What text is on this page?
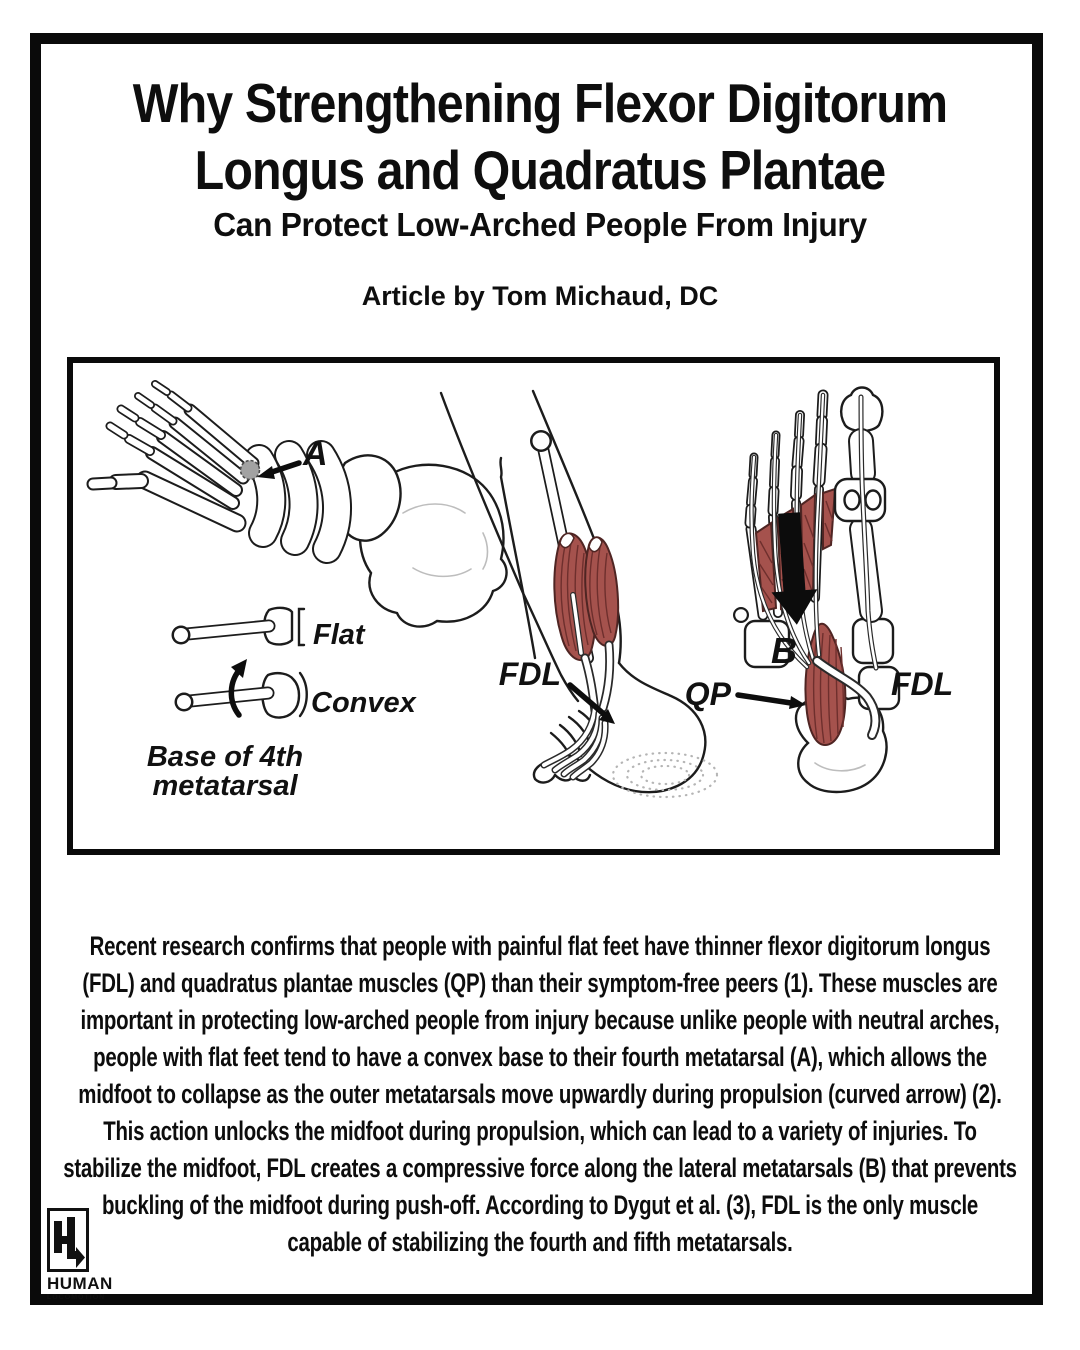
Why Strengthening Flexor Digitorum
Longus and Quadratus Plantae
Can Protect Low-Arched People From Injury
Article by Tom Michaud, DC
A
Flat
Convex
Base of 4th
metatarsal
FDL
B
QP	FDL

Recent research confirms that people with painful flat feet have thinner flexor digitorum longus (FDL) and quadratus plantae muscles (QP) than their symptom-free peers (1). These muscles are important in protecting low-arched people from injury because unlike people with neutral arches, people with flat feet tend to have a convex base to their fourth metatarsal (A), which allows the midfoot to collapse as the outer metatarsals move upwardly during propulsion (curved arrow) (2). This action unlocks the midfoot during propulsion, which can lead to a variety of injuries. To stabilize the midfoot, FDL creates a compressive force along the lateral metatarsals (B) that prevents buckling of the midfoot during push-off. According to Dygut et al. (3), FDL is the only muscle capable of stabilizing the fourth and fifth metatarsals.

HUMAN
LOCOMOTION
